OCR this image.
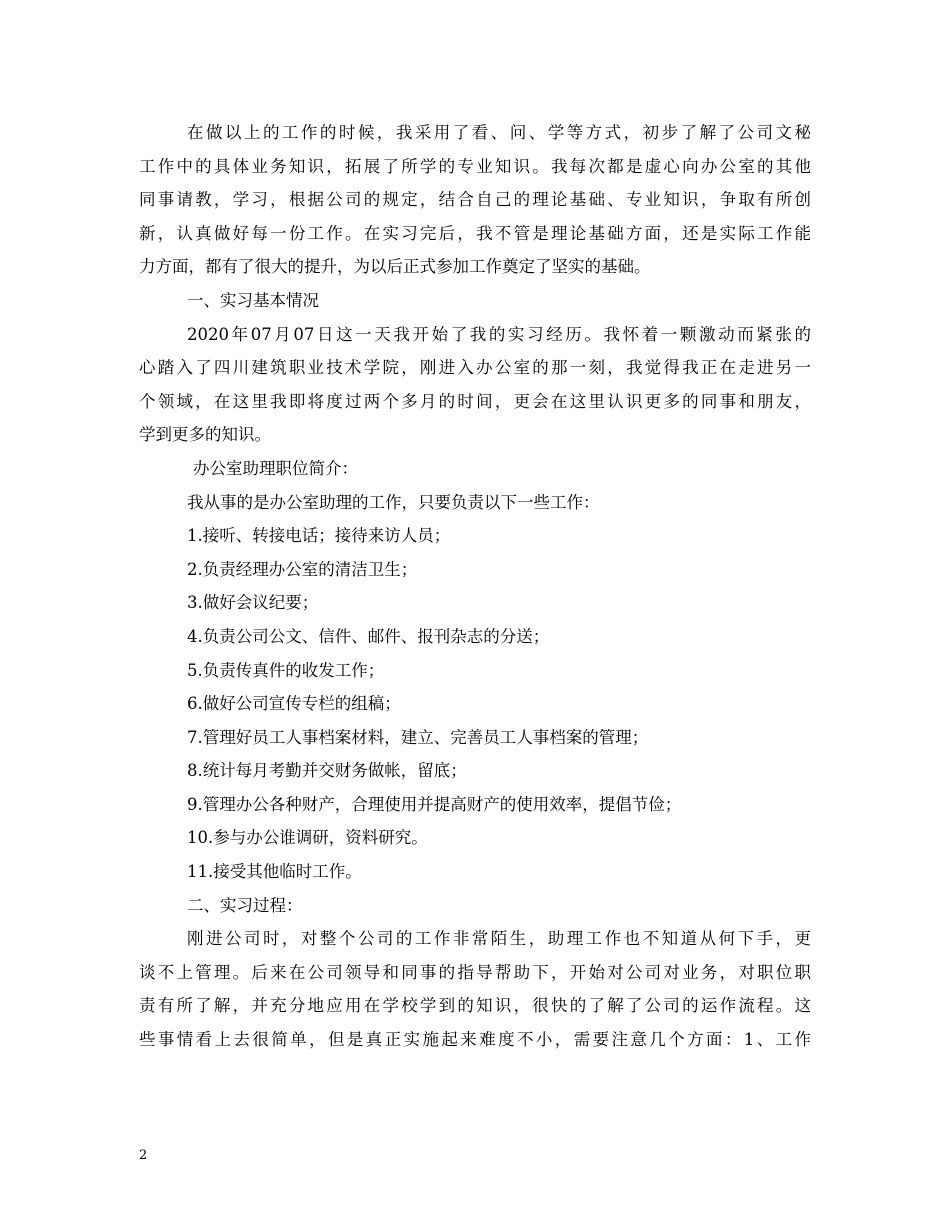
在做以上的工作的时候，我采用了看、问、学等方式，初步了解了公司文秘
工作中的具体业务知识，拓展了所学的专业知识。我每次都是虚心向办公室的其他
同事请教，学习，根据公司的规定，结合自己的理论基础、专业知识，争取有所创
新，认真做好每一份工作。在实习完后，我不管是理论基础方面，还是实际工作能
力方面，都有了很大的提升，为以后正式参加工作奠定了坚实的基础。
一、实习基本情况
2020年07月07日这一天我开始了我的实习经历。我怀着一颗激动而紧张的
心踏入了四川建筑职业技术学院，刚进入办公室的那一刻，我觉得我正在走进另一
个领域，在这里我即将度过两个多月的时间，更会在这里认识更多的同事和朋友，
学到更多的知识。
办公室助理职位简介：
我从事的是办公室助理的工作，只要负责以下一些工作：
1.接听、转接电话；接待来访人员；
2.负责经理办公室的清洁卫生；
3.做好会议纪要；
4.负责公司公文、信件、邮件、报刊杂志的分送；
5.负责传真件的收发工作；
6.做好公司宣传专栏的组稿；
7.管理好员工人事档案材料，建立、完善员工人事档案的管理；
8.统计每月考勤并交财务做帐，留底；
9.管理办公各种财产，合理使用并提高财产的使用效率，提倡节俭；
10.参与办公谁调研，资料研究。
11.接受其他临时工作。
二、实习过程：
刚进公司时，对整个公司的工作非常陌生，助理工作也不知道从何下手，更
谈不上管理。后来在公司领导和同事的指导帮助下，开始对公司对业务，对职位职
责有所了解，并充分地应用在学校学到的知识，很快的了解了公司的运作流程。这
些事情看上去很简单，但是真正实施起来难度不小，需要注意几个方面：1、工作
2
